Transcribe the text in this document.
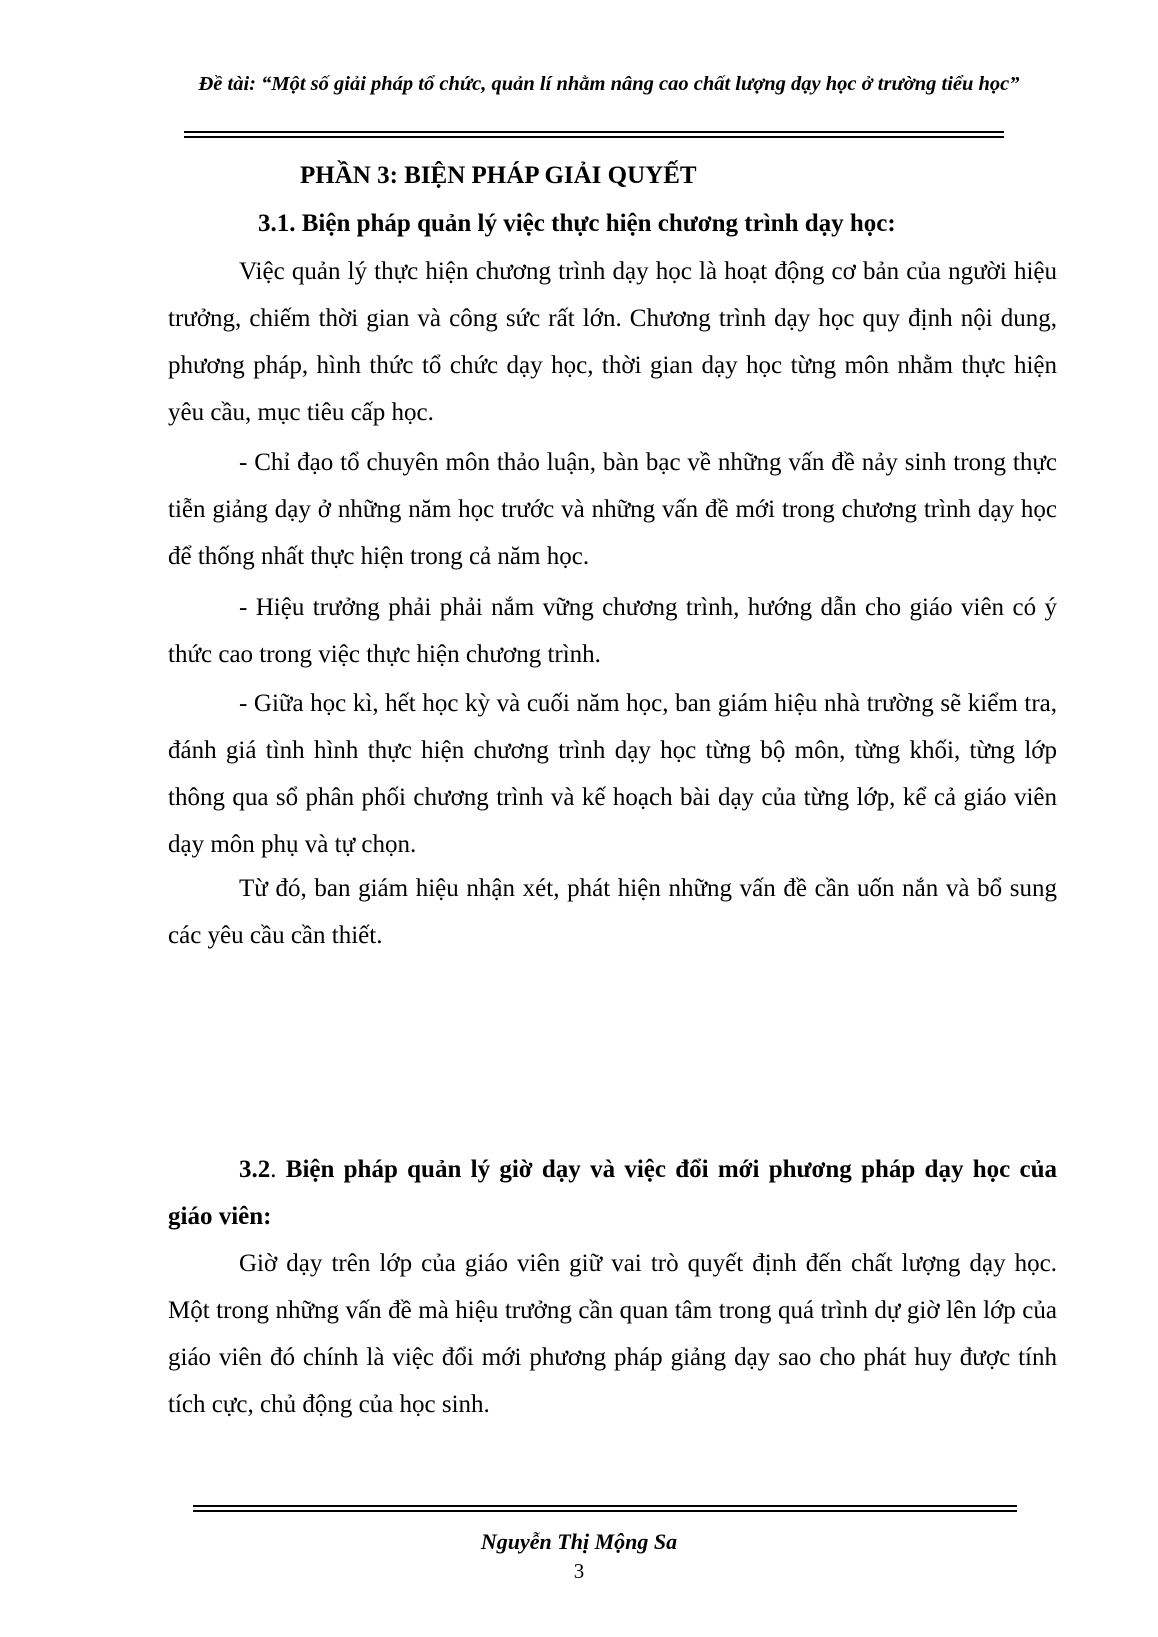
Đề tài: “Một số giải pháp tổ chức, quản lí nhằm nâng cao chất lượng dạy học ở trường tiểu học”
PHẦN 3: BIỆN PHÁP GIẢI QUYẾT
3.1. Biện pháp quản lý việc thực hiện chương trình dạy học:

Việc quản lý thực hiện chương trình dạy học là hoạt động cơ bản của người hiệu trưởng, chiếm thời gian và công sức rất lớn. Chương trình dạy học quy định nội dung, phương pháp, hình thức tổ chức dạy học, thời gian dạy học từng môn nhằm thực hiện yêu cầu, mục tiêu cấp học.

- Chỉ đạo tổ chuyên môn thảo luận, bàn bạc về những vấn đề nảy sinh trong thực tiễn giảng dạy ở những năm học trước và những vấn đề mới trong chương trình dạy học để thống nhất thực hiện trong cả năm học.

- Hiệu trưởng phải phải nắm vững chương trình, hướng dẫn cho giáo viên có ý thức cao trong việc thực hiện chương trình.

- Giữa học kì, hết học kỳ và cuối năm học, ban giám hiệu nhà trường sẽ kiểm tra, đánh giá tình hình thực hiện chương trình dạy học từng bộ môn, từng khối, từng lớp thông qua sổ phân phối chương trình và kế hoạch bài dạy của từng lớp, kể cả giáo viên dạy môn phụ và tự chọn.

Từ đó, ban giám hiệu nhận xét, phát hiện những vấn đề cần uốn nắn và bổ sung các yêu cầu cần thiết.

3.2. Biện pháp quản lý giờ dạy và việc đổi mới phương pháp dạy học của giáo viên:

Giờ dạy trên lớp của giáo viên giữ vai trò quyết định đến chất lượng dạy học. Một trong những vấn đề mà hiệu trưởng cần quan tâm trong quá trình dự giờ lên lớp của giáo viên đó chính là việc đổi mới phương pháp giảng dạy sao cho phát huy được tính tích cực, chủ động của học sinh.

Nguyễn Thị Mộng Sa
3
